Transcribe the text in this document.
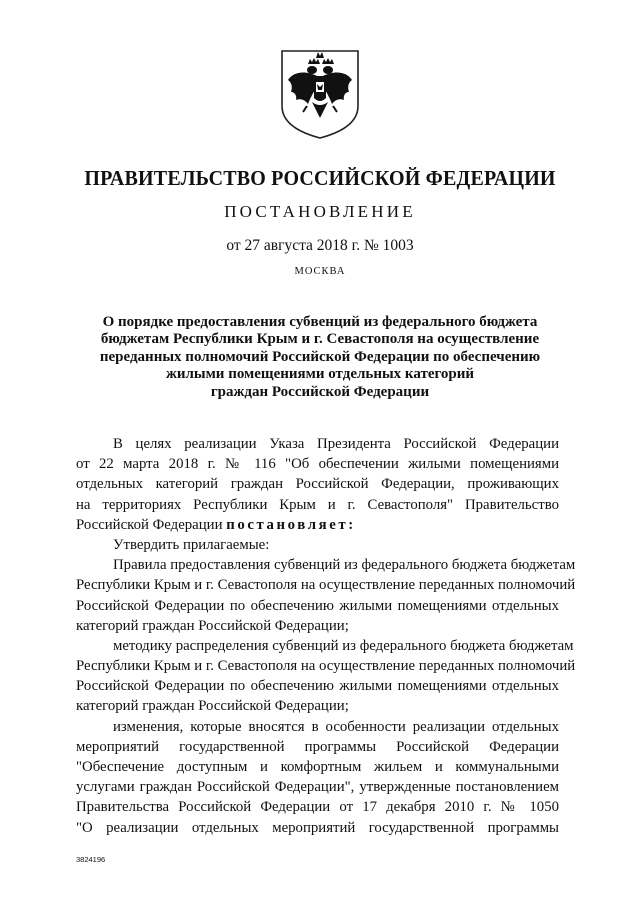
ПРАВИТЕЛЬСТВО РОССИЙСКОЙ ФЕДЕРАЦИИ
ПОСТАНОВЛЕНИЕ
от 27 августа 2018 г. № 1003
МОСКВА
О порядке предоставления субвенций из федерального бюджета
бюджетам Республики Крым и г. Севастополя на осуществление
переданных полномочий Российской Федерации по обеспечению
жилыми помещениями отдельных категорий
граждан Российской Федерации
В целях реализации Указа Президента Российской Федерации
от 22 марта 2018 г. № 116 "Об обеспечении жилыми помещениями
отдельных категорий граждан Российской Федерации, проживающих
на территориях Республики Крым и г. Севастополя" Правительство
Российской Федерации постановляет:
Утвердить прилагаемые:
Правила предоставления субвенций из федерального бюджета бюджетам
Республики Крым и г. Севастополя на осуществление переданных полномочий
Российской Федерации по обеспечению жилыми помещениями отдельных
категорий граждан Российской Федерации;
методику распределения субвенций из федерального бюджета бюджетам
Республики Крым и г. Севастополя на осуществление переданных полномочий
Российской Федерации по обеспечению жилыми помещениями отдельных
категорий граждан Российской Федерации;
изменения, которые вносятся в особенности реализации отдельных
мероприятий государственной программы Российской Федерации
"Обеспечение доступным и комфортным жильем и коммунальными
услугами граждан Российской Федерации", утвержденные постановлением
Правительства Российской Федерации от 17 декабря 2010 г. № 1050
"О реализации отдельных мероприятий государственной программы
3824196
